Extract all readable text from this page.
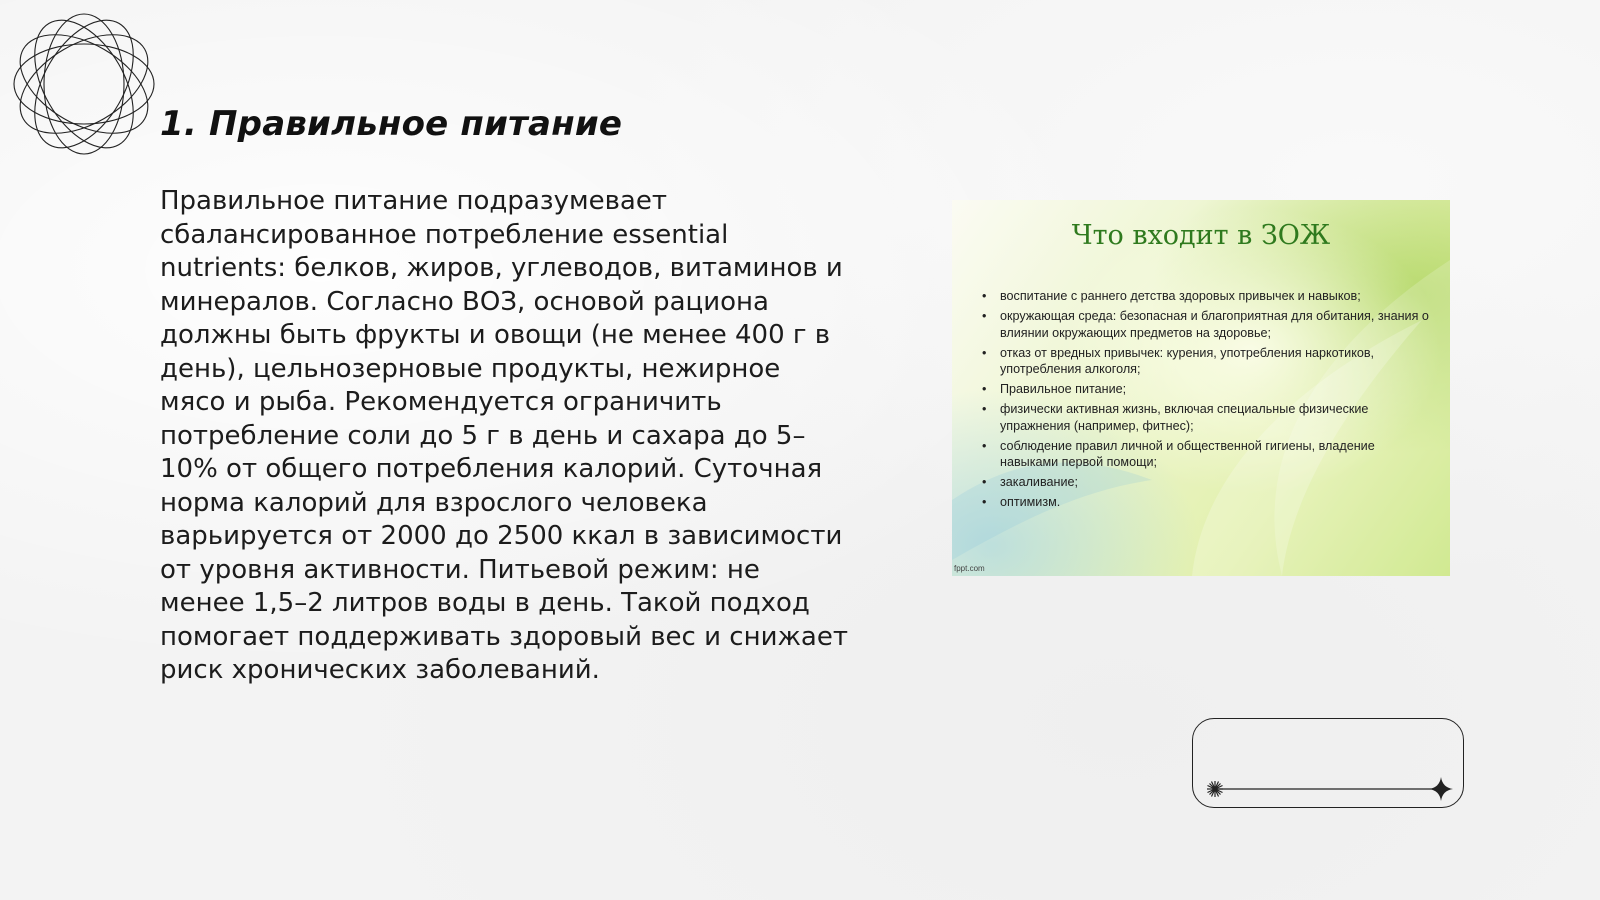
1. Правильное питание

Правильное питание подразумевает сбалансированное потребление essential nutrients: белков, жиров, углеводов, витаминов и минералов. Согласно ВОЗ, основой рациона должны быть фрукты и овощи (не менее 400 г в день), цельнозерновые продукты, нежирное мясо и рыба. Рекомендуется ограничить потребление соли до 5 г в день и сахара до 5–10% от общего потребления калорий. Суточная норма калорий для взрослого человека варьируется от 2000 до 2500 ккал в зависимости от уровня активности. Питьевой режим: не менее 1,5–2 литров воды в день. Такой подход помогает поддерживать здоровый вес и снижает риск хронических заболеваний.

Что входит в ЗОЖ
• воспитание с раннего детства здоровых привычек и навыков;
• окружающая среда: безопасная и благоприятная для обитания, знания о влиянии окружающих предметов на здоровье;
• отказ от вредных привычек: курения, употребления наркотиков, употребления алкоголя;
• Правильное питание;
• физически активная жизнь, включая специальные физические упражнения (например, фитнес);
• соблюдение правил личной и общественной гигиены, владение навыками первой помощи;
• закаливание;
• оптимизм.
fppt.com
